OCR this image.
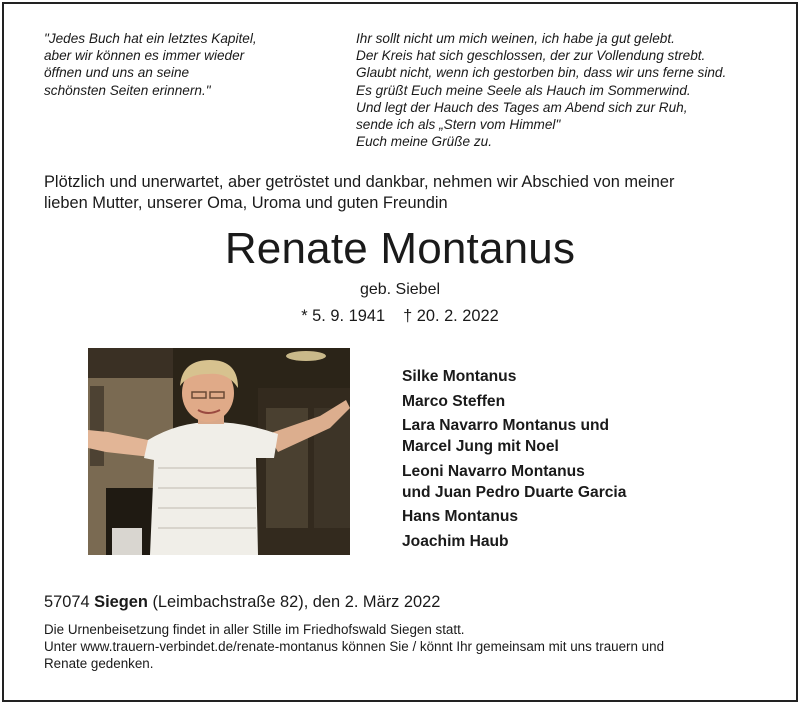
"Jedes Buch hat ein letztes Kapitel,
aber wir können es immer wieder
öffnen und uns an seine
schönsten Seiten erinnern."
Ihr sollt nicht um mich weinen, ich habe ja gut gelebt.
Der Kreis hat sich geschlossen, der zur Vollendung strebt.
Glaubt nicht, wenn ich gestorben bin, dass wir uns ferne sind.
Es grüßt Euch meine Seele als Hauch im Sommerwind.
Und legt der Hauch des Tages am Abend sich zur Ruh,
sende ich als „Stern vom Himmel"
Euch meine Grüße zu.
Plötzlich und unerwartet, aber getröstet und dankbar, nehmen wir Abschied von meiner
lieben Mutter, unserer Oma, Uroma und guten Freundin
Renate Montanus
geb. Siebel
* 5. 9. 1941 † 20. 2. 2022
Silke Montanus
Marco Steffen
Lara Navarro Montanus und
Marcel Jung mit Noel
Leoni Navarro Montanus
und Juan Pedro Duarte Garcia
Hans Montanus
Joachim Haub
57074 Siegen (Leimbachstraße 82), den 2. März 2022
Die Urnenbeisetzung findet in aller Stille im Friedhofswald Siegen statt.
Unter www.trauern-verbindet.de/renate-montanus können Sie / könnt Ihr gemeinsam mit uns trauern und
Renate gedenken.
